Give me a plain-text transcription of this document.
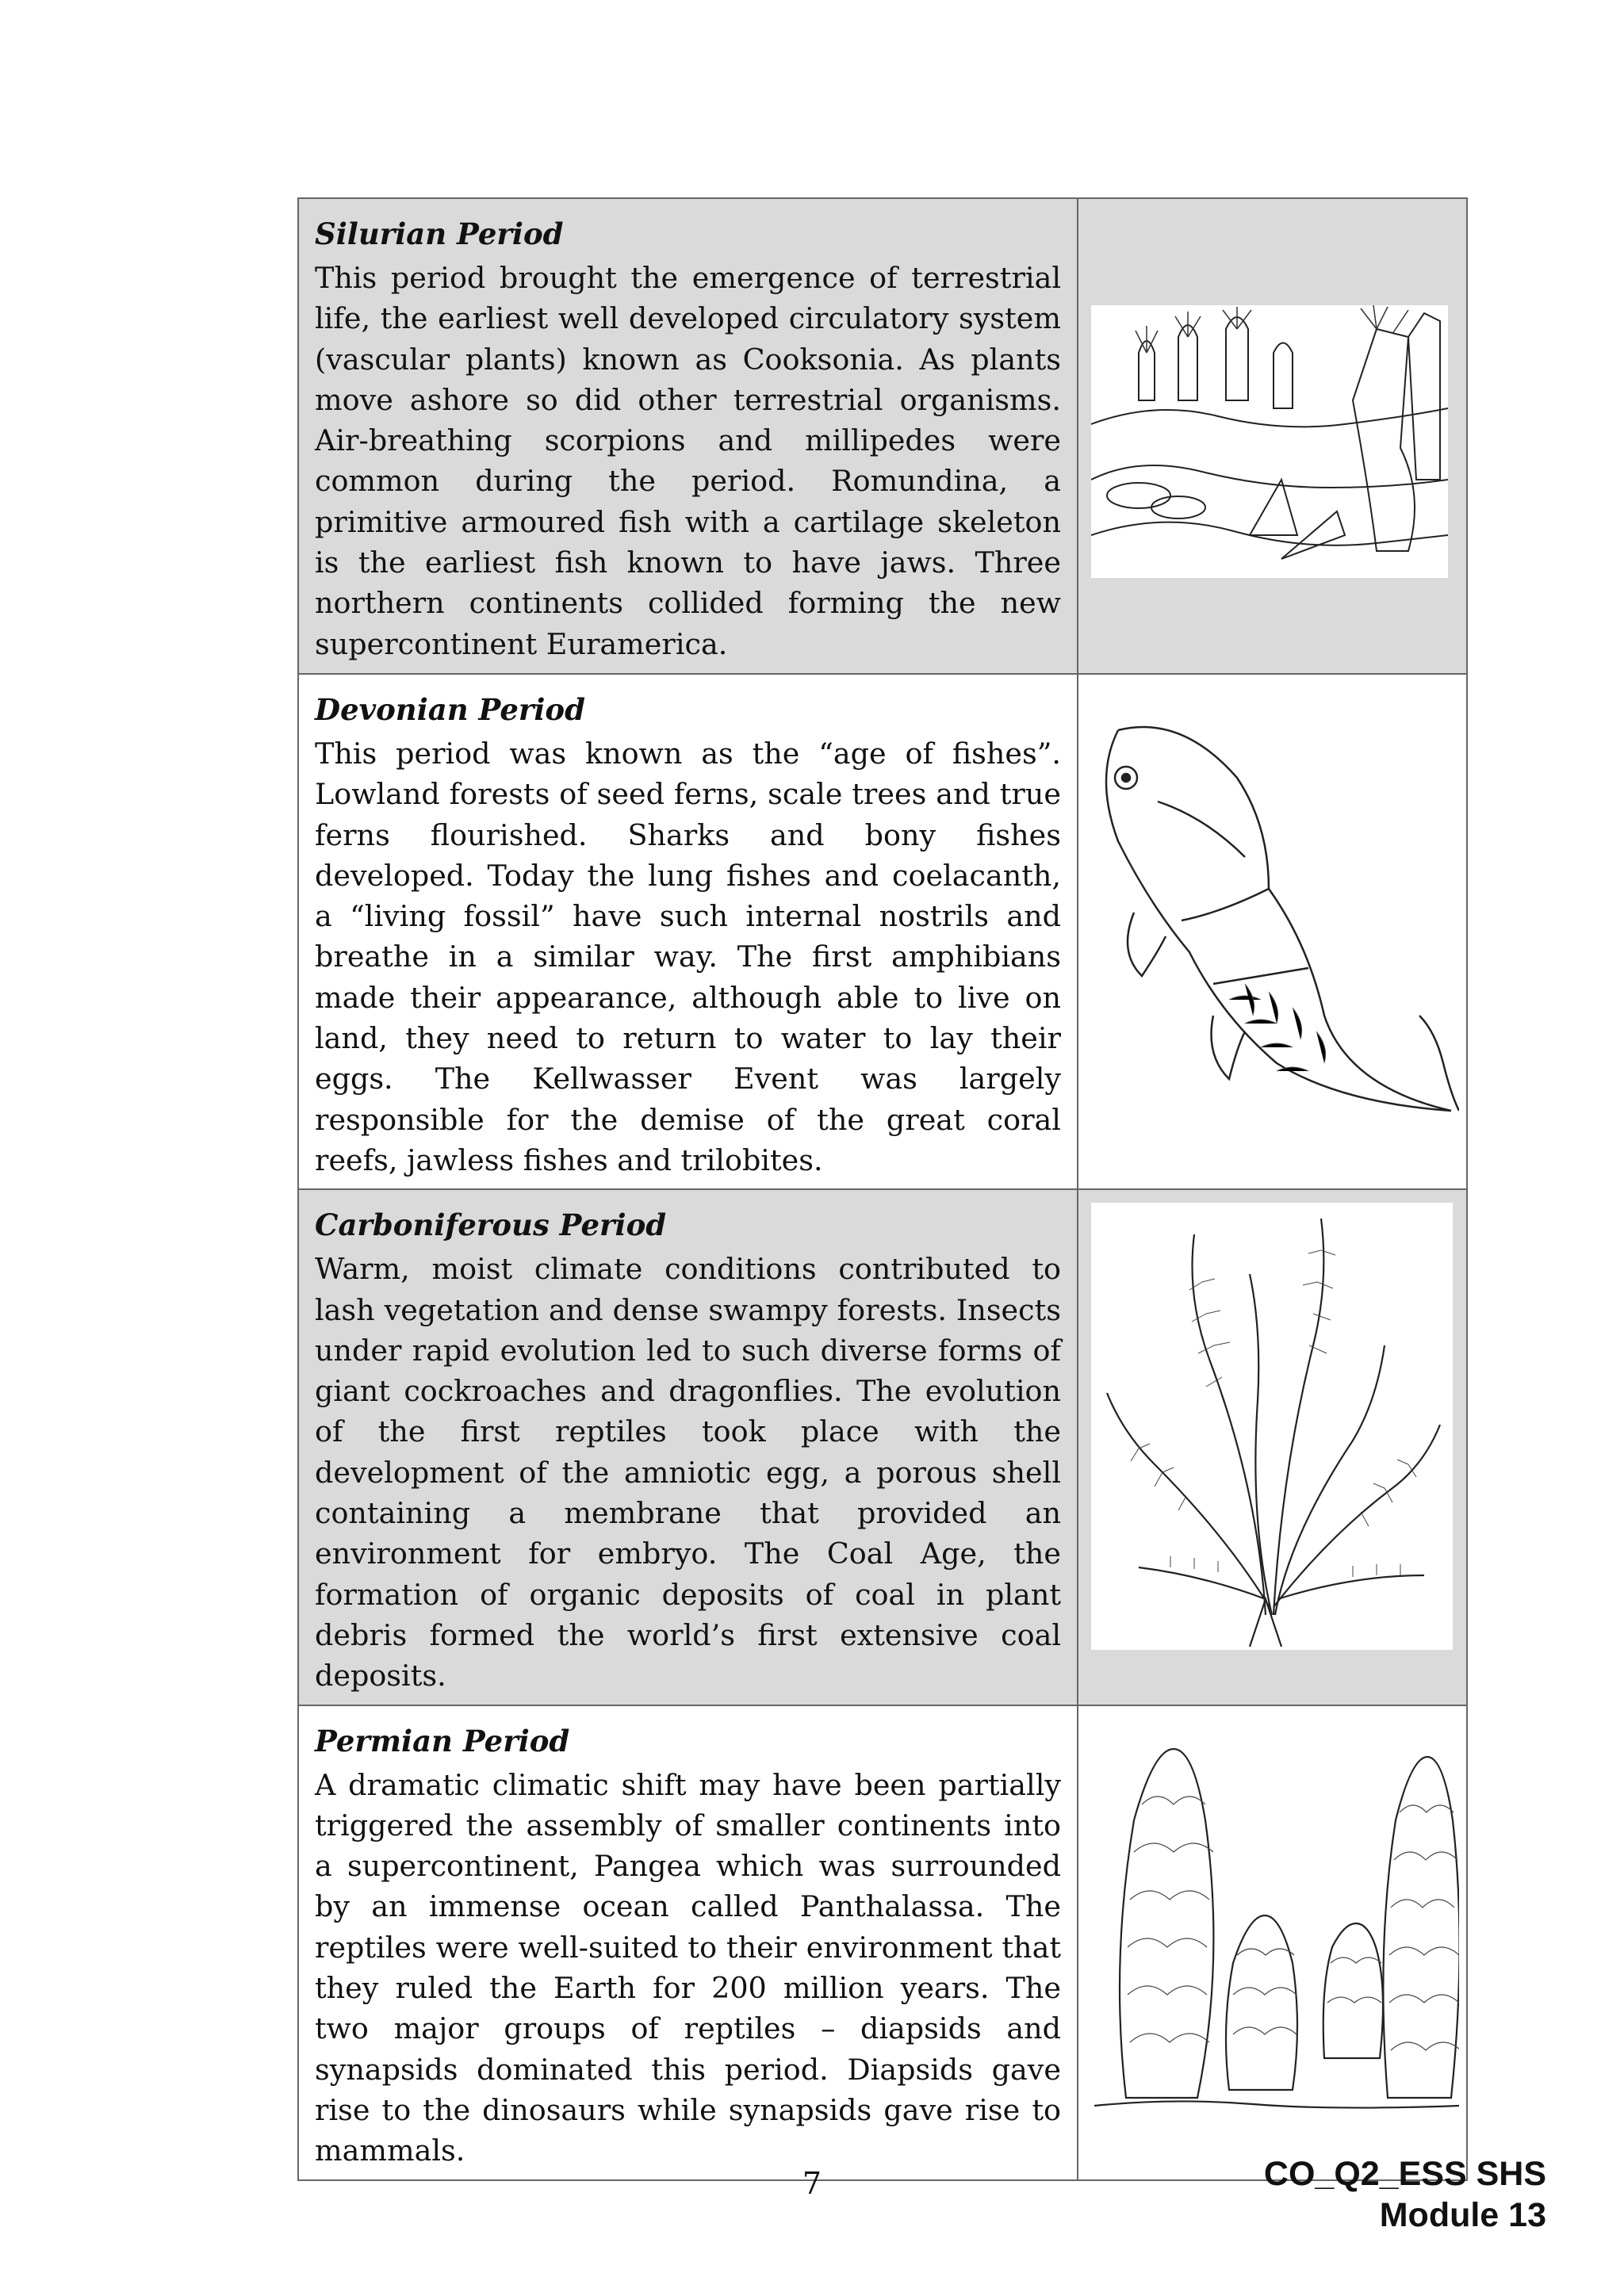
Silurian Period

This period brought the emergence of terrestrial life, the earliest well developed circulatory system (vascular plants) known as Cooksonia. As plants move ashore so did other terrestrial organisms. Air-breathing scorpions and millipedes were common during the period. Romundina, a primitive armoured fish with a cartilage skeleton is the earliest fish known to have jaws. Three northern continents collided forming the new supercontinent Euramerica.

Devonian Period

This period was known as the “age of fishes”. Lowland forests of seed ferns, scale trees and true ferns flourished. Sharks and bony fishes developed. Today the lung fishes and coelacanth, a “living fossil” have such internal nostrils and breathe in a similar way. The first amphibians made their appearance, although able to live on land, they need to return to water to lay their eggs. The Kellwasser Event was largely responsible for the demise of the great coral reefs, jawless fishes and trilobites.

Carboniferous Period

Warm, moist climate conditions contributed to lash vegetation and dense swampy forests. Insects under rapid evolution led to such diverse forms of giant cockroaches and dragonflies. The evolution of the first reptiles took place with the development of the amniotic egg, a porous shell containing a membrane that provided an environment for embryo. The Coal Age, the formation of organic deposits of coal in plant debris formed the world’s first extensive coal deposits.

Permian Period

A dramatic climatic shift may have been partially triggered the assembly of smaller continents into a supercontinent, Pangea which was surrounded by an immense ocean called Panthalassa. The reptiles were well-suited to their environment that they ruled the Earth for 200 million years. The two major groups of reptiles – diapsids and synapsids dominated this period. Diapsids gave rise to the dinosaurs while synapsids gave rise to mammals.

7	CO_Q2_ESS SHS
Module 13
